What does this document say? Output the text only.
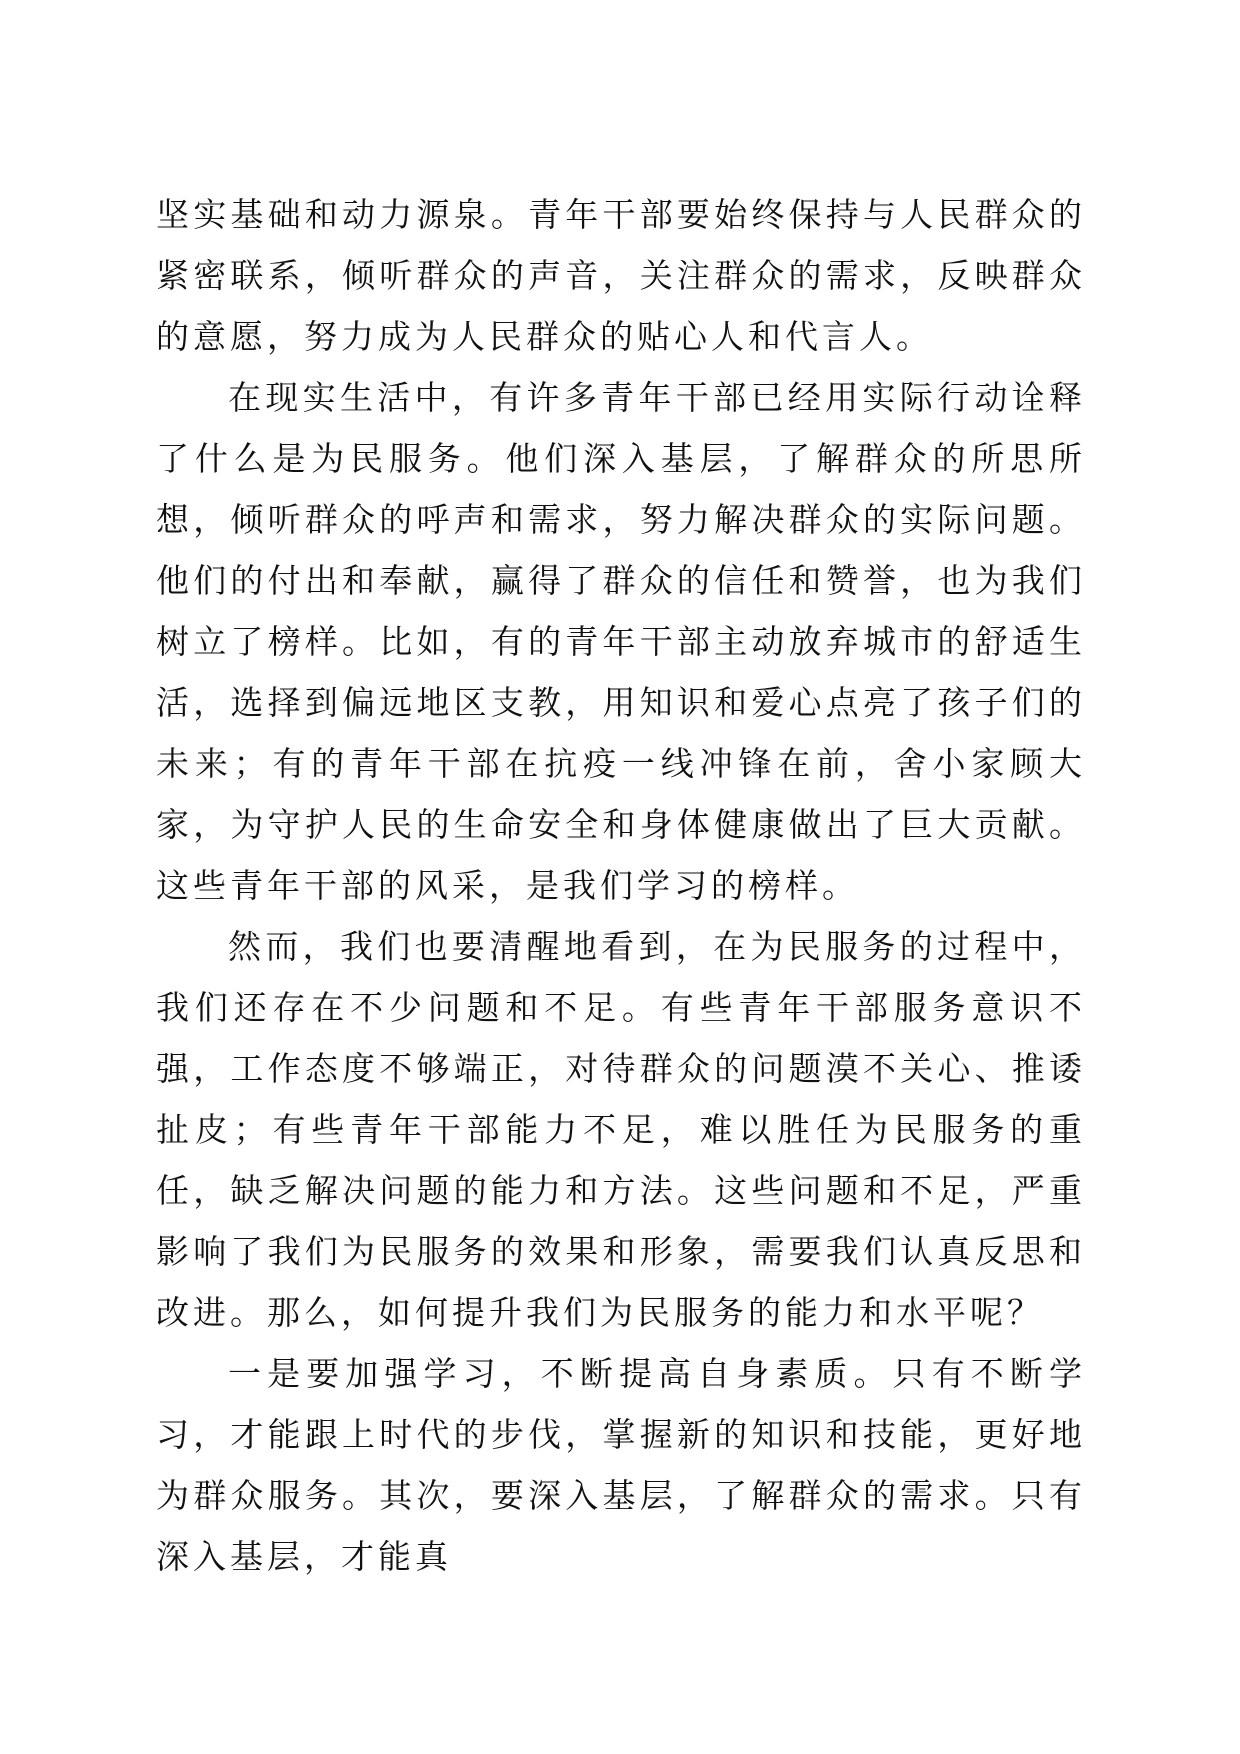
坚实基础和动力源泉。青年干部要始终保持与人民群众的紧密联系，倾听群众的声音，关注群众的需求，反映群众的意愿，努力成为人民群众的贴心人和代言人。

在现实生活中，有许多青年干部已经用实际行动诠释了什么是为民服务。他们深入基层，了解群众的所思所想，倾听群众的呼声和需求，努力解决群众的实际问题。他们的付出和奉献，赢得了群众的信任和赞誉，也为我们树立了榜样。比如，有的青年干部主动放弃城市的舒适生活，选择到偏远地区支教，用知识和爱心点亮了孩子们的未来；有的青年干部在抗疫一线冲锋在前，舍小家顾大家，为守护人民的生命安全和身体健康做出了巨大贡献。这些青年干部的风采，是我们学习的榜样。

然而，我们也要清醒地看到，在为民服务的过程中，我们还存在不少问题和不足。有些青年干部服务意识不强，工作态度不够端正，对待群众的问题漠不关心、推诿扯皮；有些青年干部能力不足，难以胜任为民服务的重任，缺乏解决问题的能力和方法。这些问题和不足，严重影响了我们为民服务的效果和形象，需要我们认真反思和改进。那么，如何提升我们为民服务的能力和水平呢？

一是要加强学习，不断提高自身素质。只有不断学习，才能跟上时代的步伐，掌握新的知识和技能，更好地为群众服务。其次，要深入基层，了解群众的需求。只有深入基层，才能真
